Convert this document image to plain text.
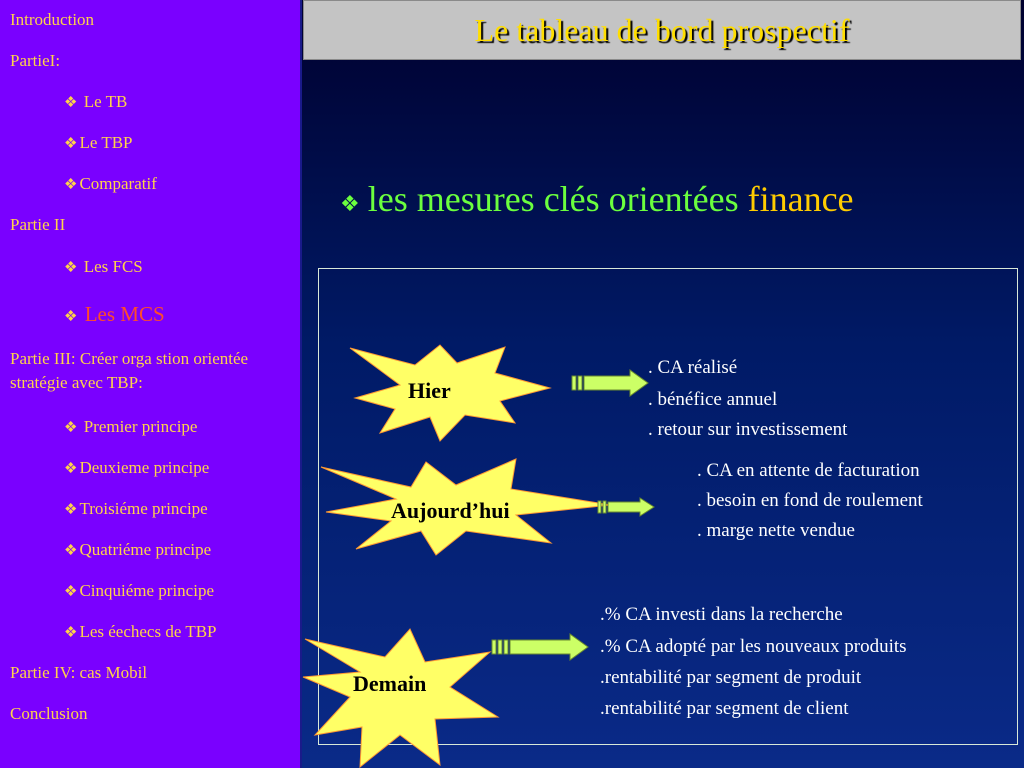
Introduction
PartieI:
❖ Le TB
❖ Le TBP
❖ Comparatif
Partie II
❖ Les FCS
❖ Les MCS
Partie III: Créer orga stion orientée stratégie avec TBP:
❖ Premier principe
❖ Deuxieme principe
❖ Troisiéme principe
❖ Quatriéme principe
❖ Cinquiéme principe
❖ Les éechecs de TBP
Partie IV: cas Mobil
Conclusion
Le tableau de bord prospectif
❖ les mesures clés orientées finance
Hier
. CA réalisé
. bénéfice annuel
. retour sur investissement
Aujourd’hui
. CA en attente de facturation
. besoin en fond de roulement
. marge nette vendue
Demain
.% CA investi dans la recherche
.% CA adopté par les nouveaux produits
.rentabilité par segment de produit
.rentabilité par segment de client
